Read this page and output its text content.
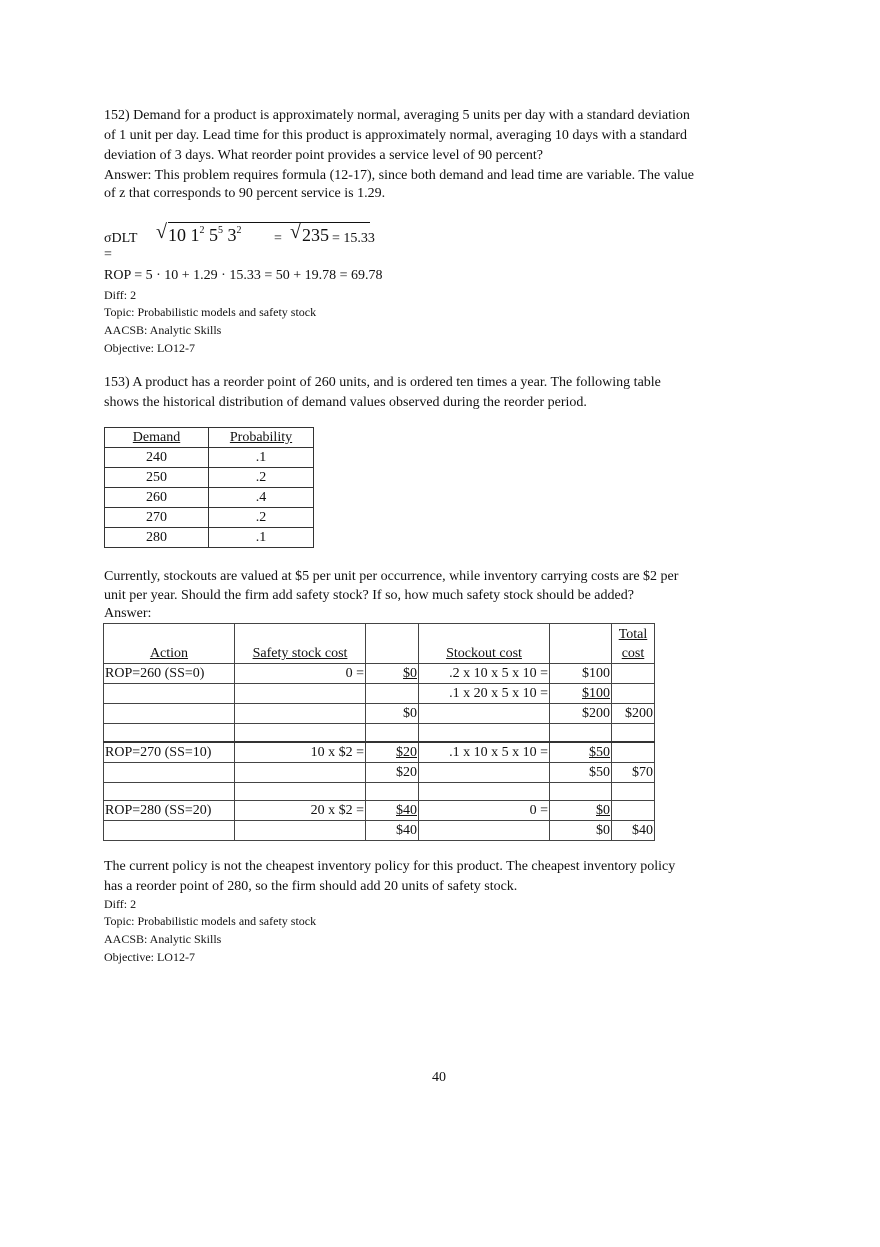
152) Demand for a product is approximately normal, averaging 5 units per day with a standard deviation
of 1 unit per day. Lead time for this product is approximately normal, averaging 10 days with a standard
deviation of 3 days. What reorder point provides a service level of 90 percent?
Answer: This problem requires formula (12-17), since both demand and lead time are variable. The value
of z that corresponds to 90 percent service is 1.29.
σDLT =
√ 10 $1^2$ $5^5$ $3^2$
= √ 235 = 15.33
ROP = 5 · 10 + 1.29 · 15.33 = 50 + 19.78 = 69.78
Diff: 2
Topic: Probabilistic models and safety stock
AACSB: Analytic Skills
Objective: LO12-7
153) A product has a reorder point of 260 units, and is ordered ten times a year. The following table
shows the historical distribution of demand values observed during the reorder period.
Demand	Probability
240	.1
250	.2
260	.4
270	.2
280	.1
Currently, stockouts are valued at $5 per unit per occurrence, while inventory carrying costs are $2 per
unit per year. Should the firm add safety stock? If so, how much safety stock should be added?
Answer:
Action	Safety stock cost		Stockout cost		Total
cost
ROP=260 (SS=0)	0 =	$0	.2 x 10 x 5 x 10 =	$100	
			.1 x 20 x 5 x 10 =	$100	
		$0		$200	$200

ROP=270 (SS=10)	10 x $2 =	$20	.1 x 10 x 5 x 10 =	$50	
		$20		$50	$70

ROP=280 (SS=20)	20 x $2 =	$40	0 =	$0	
		$40		$0	$40
The current policy is not the cheapest inventory policy for this product. The cheapest inventory policy
has a reorder point of 280, so the firm should add 20 units of safety stock.
Diff: 2
Topic: Probabilistic models and safety stock
AACSB: Analytic Skills
Objective: LO12-7
40
